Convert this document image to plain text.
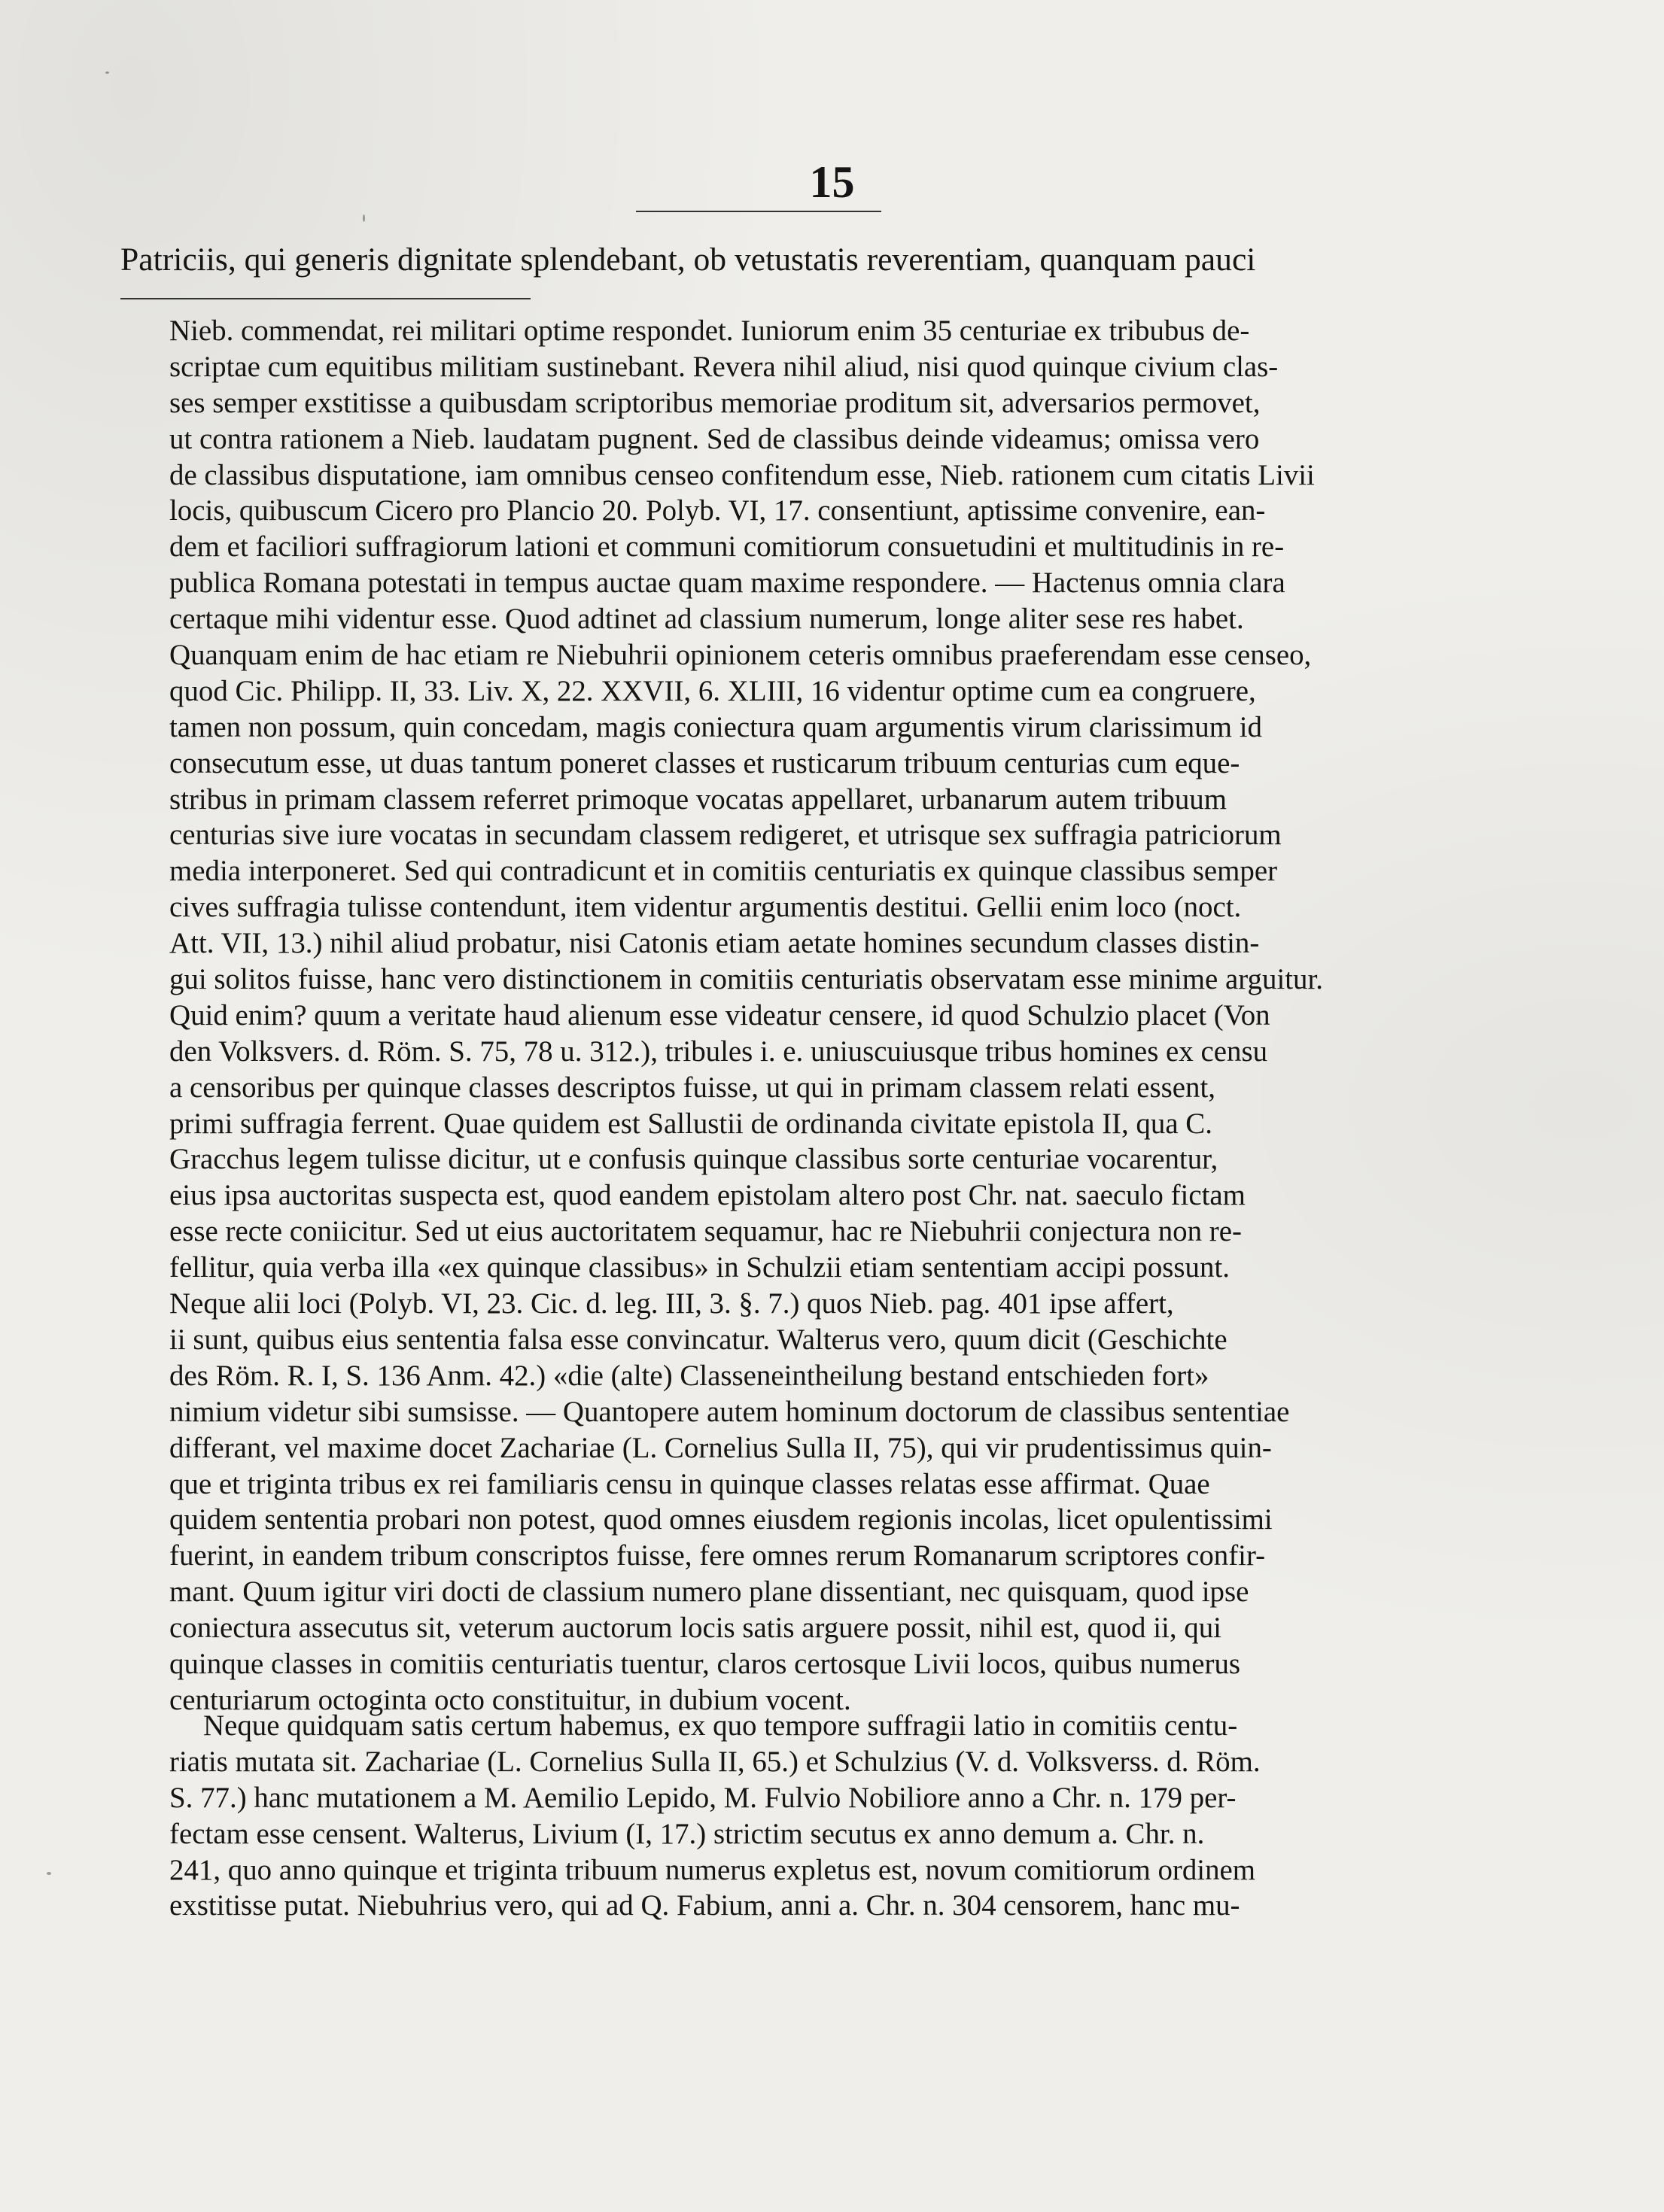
15
Patriciis, qui generis dignitate splendebant, ob vetustatis reverentiam, quanquam pauci
Nieb. commendat, rei militari optime respondet. Iuniorum enim 35 centuriae ex tribubus de-
scriptae cum equitibus militiam sustinebant. Revera nihil aliud, nisi quod quinque civium clas-
ses semper exstitisse a quibusdam scriptoribus memoriae proditum sit, adversarios permovet,
ut contra rationem a Nieb. laudatam pugnent. Sed de classibus deinde videamus; omissa vero
de classibus disputatione, iam omnibus censeo confitendum esse, Nieb. rationem cum citatis Livii
locis, quibuscum Cicero pro Plancio 20. Polyb. VI, 17. consentiunt, aptissime convenire, ean-
dem et faciliori suffragiorum lationi et communi comitiorum consuetudini et multitudinis in re-
publica Romana potestati in tempus auctae quam maxime respondere. — Hactenus omnia clara
certaque mihi videntur esse. Quod adtinet ad classium numerum, longe aliter sese res habet.
Quanquam enim de hac etiam re Niebuhrii opinionem ceteris omnibus praeferendam esse censeo,
quod Cic. Philipp. II, 33. Liv. X, 22. XXVII, 6. XLIII, 16 videntur optime cum ea congruere,
tamen non possum, quin concedam, magis coniectura quam argumentis virum clarissimum id
consecutum esse, ut duas tantum poneret classes et rusticarum tribuum centurias cum eque-
stribus in primam classem referret primoque vocatas appellaret, urbanarum autem tribuum
centurias sive iure vocatas in secundam classem redigeret, et utrisque sex suffragia patriciorum
media interponeret. Sed qui contradicunt et in comitiis centuriatis ex quinque classibus semper
cives suffragia tulisse contendunt, item videntur argumentis destitui. Gellii enim loco (noct.
Att. VII, 13.) nihil aliud probatur, nisi Catonis etiam aetate homines secundum classes distin-
gui solitos fuisse, hanc vero distinctionem in comitiis centuriatis observatam esse minime arguitur.
Quid enim? quum a veritate haud alienum esse videatur censere, id quod Schulzio placet (Von
den Volksvers. d. Röm. S. 75, 78 u. 312.), tribules i. e. uniuscuiusque tribus homines ex censu
a censoribus per quinque classes descriptos fuisse, ut qui in primam classem relati essent,
primi suffragia ferrent. Quae quidem est Sallustii de ordinanda civitate epistola II, qua C.
Gracchus legem tulisse dicitur, ut e confusis quinque classibus sorte centuriae vocarentur,
eius ipsa auctoritas suspecta est, quod eandem epistolam altero post Chr. nat. saeculo fictam
esse recte coniicitur. Sed ut eius auctoritatem sequamur, hac re Niebuhrii conjectura non re-
fellitur, quia verba illa «ex quinque classibus» in Schulzii etiam sententiam accipi possunt.
Neque alii loci (Polyb. VI, 23. Cic. d. leg. III, 3. §. 7.) quos Nieb. pag. 401 ipse affert,
ii sunt, quibus eius sententia falsa esse convincatur. Walterus vero, quum dicit (Geschichte
des Röm. R. I, S. 136 Anm. 42.) «die (alte) Classeneintheilung bestand entschieden fort»
nimium videtur sibi sumsisse. — Quantopere autem hominum doctorum de classibus sententiae
differant, vel maxime docet Zachariae (L. Cornelius Sulla II, 75), qui vir prudentissimus quin-
que et triginta tribus ex rei familiaris censu in quinque classes relatas esse affirmat. Quae
quidem sententia probari non potest, quod omnes eiusdem regionis incolas, licet opulentissimi
fuerint, in eandem tribum conscriptos fuisse, fere omnes rerum Romanarum scriptores confir-
mant. Quum igitur viri docti de classium numero plane dissentiant, nec quisquam, quod ipse
coniectura assecutus sit, veterum auctorum locis satis arguere possit, nihil est, quod ii, qui
quinque classes in comitiis centuriatis tuentur, claros certosque Livii locos, quibus numerus
centuriarum octoginta octo constituitur, in dubium vocent.
Neque quidquam satis certum habemus, ex quo tempore suffragii latio in comitiis centu-
riatis mutata sit. Zachariae (L. Cornelius Sulla II, 65.) et Schulzius (V. d. Volksverss. d. Röm.
S. 77.) hanc mutationem a M. Aemilio Lepido, M. Fulvio Nobiliore anno a Chr. n. 179 per-
fectam esse censent. Walterus, Livium (I, 17.) strictim secutus ex anno demum a. Chr. n.
241, quo anno quinque et triginta tribuum numerus expletus est, novum comitiorum ordinem
exstitisse putat. Niebuhrius vero, qui ad Q. Fabium, anni a. Chr. n. 304 censorem, hanc mu-
